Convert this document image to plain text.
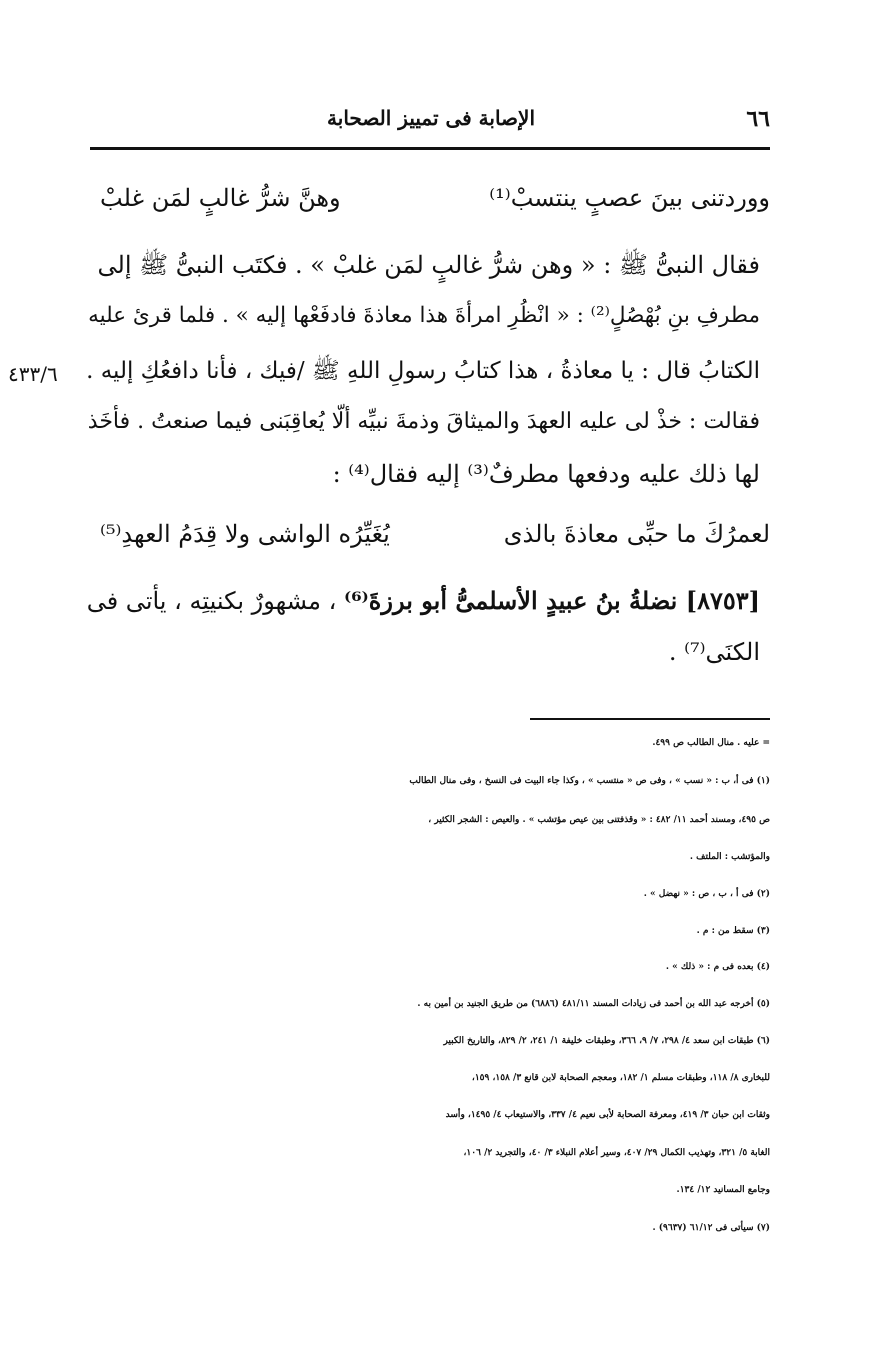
٦٦
الإصابة فى تمييز الصحابة
ووردتنى بينَ عصبٍ ينتسبْ⁽¹⁾
وهنَّ شرُّ غالبٍ لمَن غلبْ
فقال النبىُّ ﷺ : « وهن شرُّ غالبٍ لمَن غلبْ » . فكتَب النبىُّ ﷺ إلى
مطرفِ بنِ بُهْصُلٍ⁽²⁾ : « انْظُرِ امرأةَ هذا معاذةَ فادفَعْها إليه » . فلما قرئ عليه
الكتابُ قال : يا معاذةُ ، هذا كتابُ رسولِ اللهِ ﷺ /فيك ، فأنا دافعُكِ إليه .
فقالت : خذْ لى عليه العهدَ والميثاقَ وذمةَ نبيِّه ألّا يُعاقِبَنى فيما صنعتُ . فأخَذ
لها ذلك عليه ودفعها مطرفٌ⁽³⁾ إليه فقال⁽⁴⁾ :
٤٣٣/٦
لعمرُكَ ما حبِّى معاذةَ بالذى
يُغَيِّرُه الواشى ولا قِدَمُ العهدِ⁽⁵⁾
[٨٧٥٣] نضلةُ بنُ عبيدٍ الأسلمىُّ أبو برزةَ⁽⁶⁾ ، مشهورٌ بكنيتِه ، يأتى فى
الكنَى⁽⁷⁾ .
= عليه . منال الطالب ص ٤٩٩.
(١) فى أ، ب : « نسب » ، وفى ص « منتسب » ، وكذا جاء البيت فى النسخ ، وفى منال الطالب
ص ٤٩٥، ومسند أحمد ١١/ ٤٨٢ : « وقذفتنى بين عيص مؤتشب » . والعيص : الشجر الكثير ،
والمؤتشب : الملتف .
(٢) فى أ ، ب ، ص : « نهضل » .
(٣) سقط من : م .
(٤) بعده فى م : « ذلك » .
(٥) أخرجه عبد الله بن أحمد فى زيادات المسند ٤٨١/١١ (٦٨٨٦) من طريق الجنيد بن أمين به .
(٦) طبقات ابن سعد ٤/ ٢٩٨، ٧/ ٩، ٣٦٦، وطبقات خليفة ١/ ٢٤١، ٢/ ٨٢٩، والتاريخ الكبير
للبخارى ٨/ ١١٨، وطبقات مسلم ١/ ١٨٢، ومعجم الصحابة لابن قانع ٣/ ١٥٨، ١٥٩،
وثقات ابن حبان ٣/ ٤١٩، ومعرفة الصحابة لأبى نعيم ٤/ ٣٣٧، والاستيعاب ٤/ ١٤٩٥، وأسد
الغابة ٥/ ٣٢١، وتهذيب الكمال ٢٩/ ٤٠٧، وسير أعلام النبلاء ٣/ ٤٠، والتجريد ٢/ ١٠٦،
وجامع المسانيد ١٢/ ١٣٤.
(٧) سيأتى فى ٦١/١٢ (٩٦٣٧) .
